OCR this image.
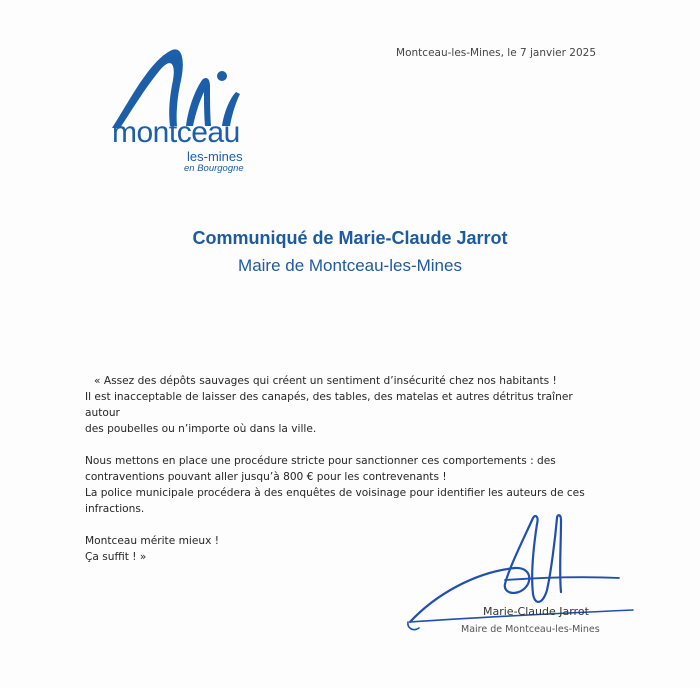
montceau
les-mines
en Bourgogne
Montceau-les-Mines, le 7 janvier 2025
Communiqué de Marie-Claude Jarrot
Maire de Montceau-les-Mines

« Assez des dépôts sauvages qui créent un sentiment d’insécurité chez nos habitants !

Il est inacceptable de laisser des canapés, des tables, des matelas et autres détritus traîner autour

des poubelles ou n’importe où dans la ville.

Nous mettons en place une procédure stricte pour sanctionner ces comportements : des

contraventions pouvant aller jusqu’à 800 € pour les contrevenants !

La police municipale procédera à des enquêtes de voisinage pour identifier les auteurs de ces

infractions.

Montceau mérite mieux !

Ça suffit ! »

Marie-Claude Jarrot
Maire de Montceau-les-Mines
